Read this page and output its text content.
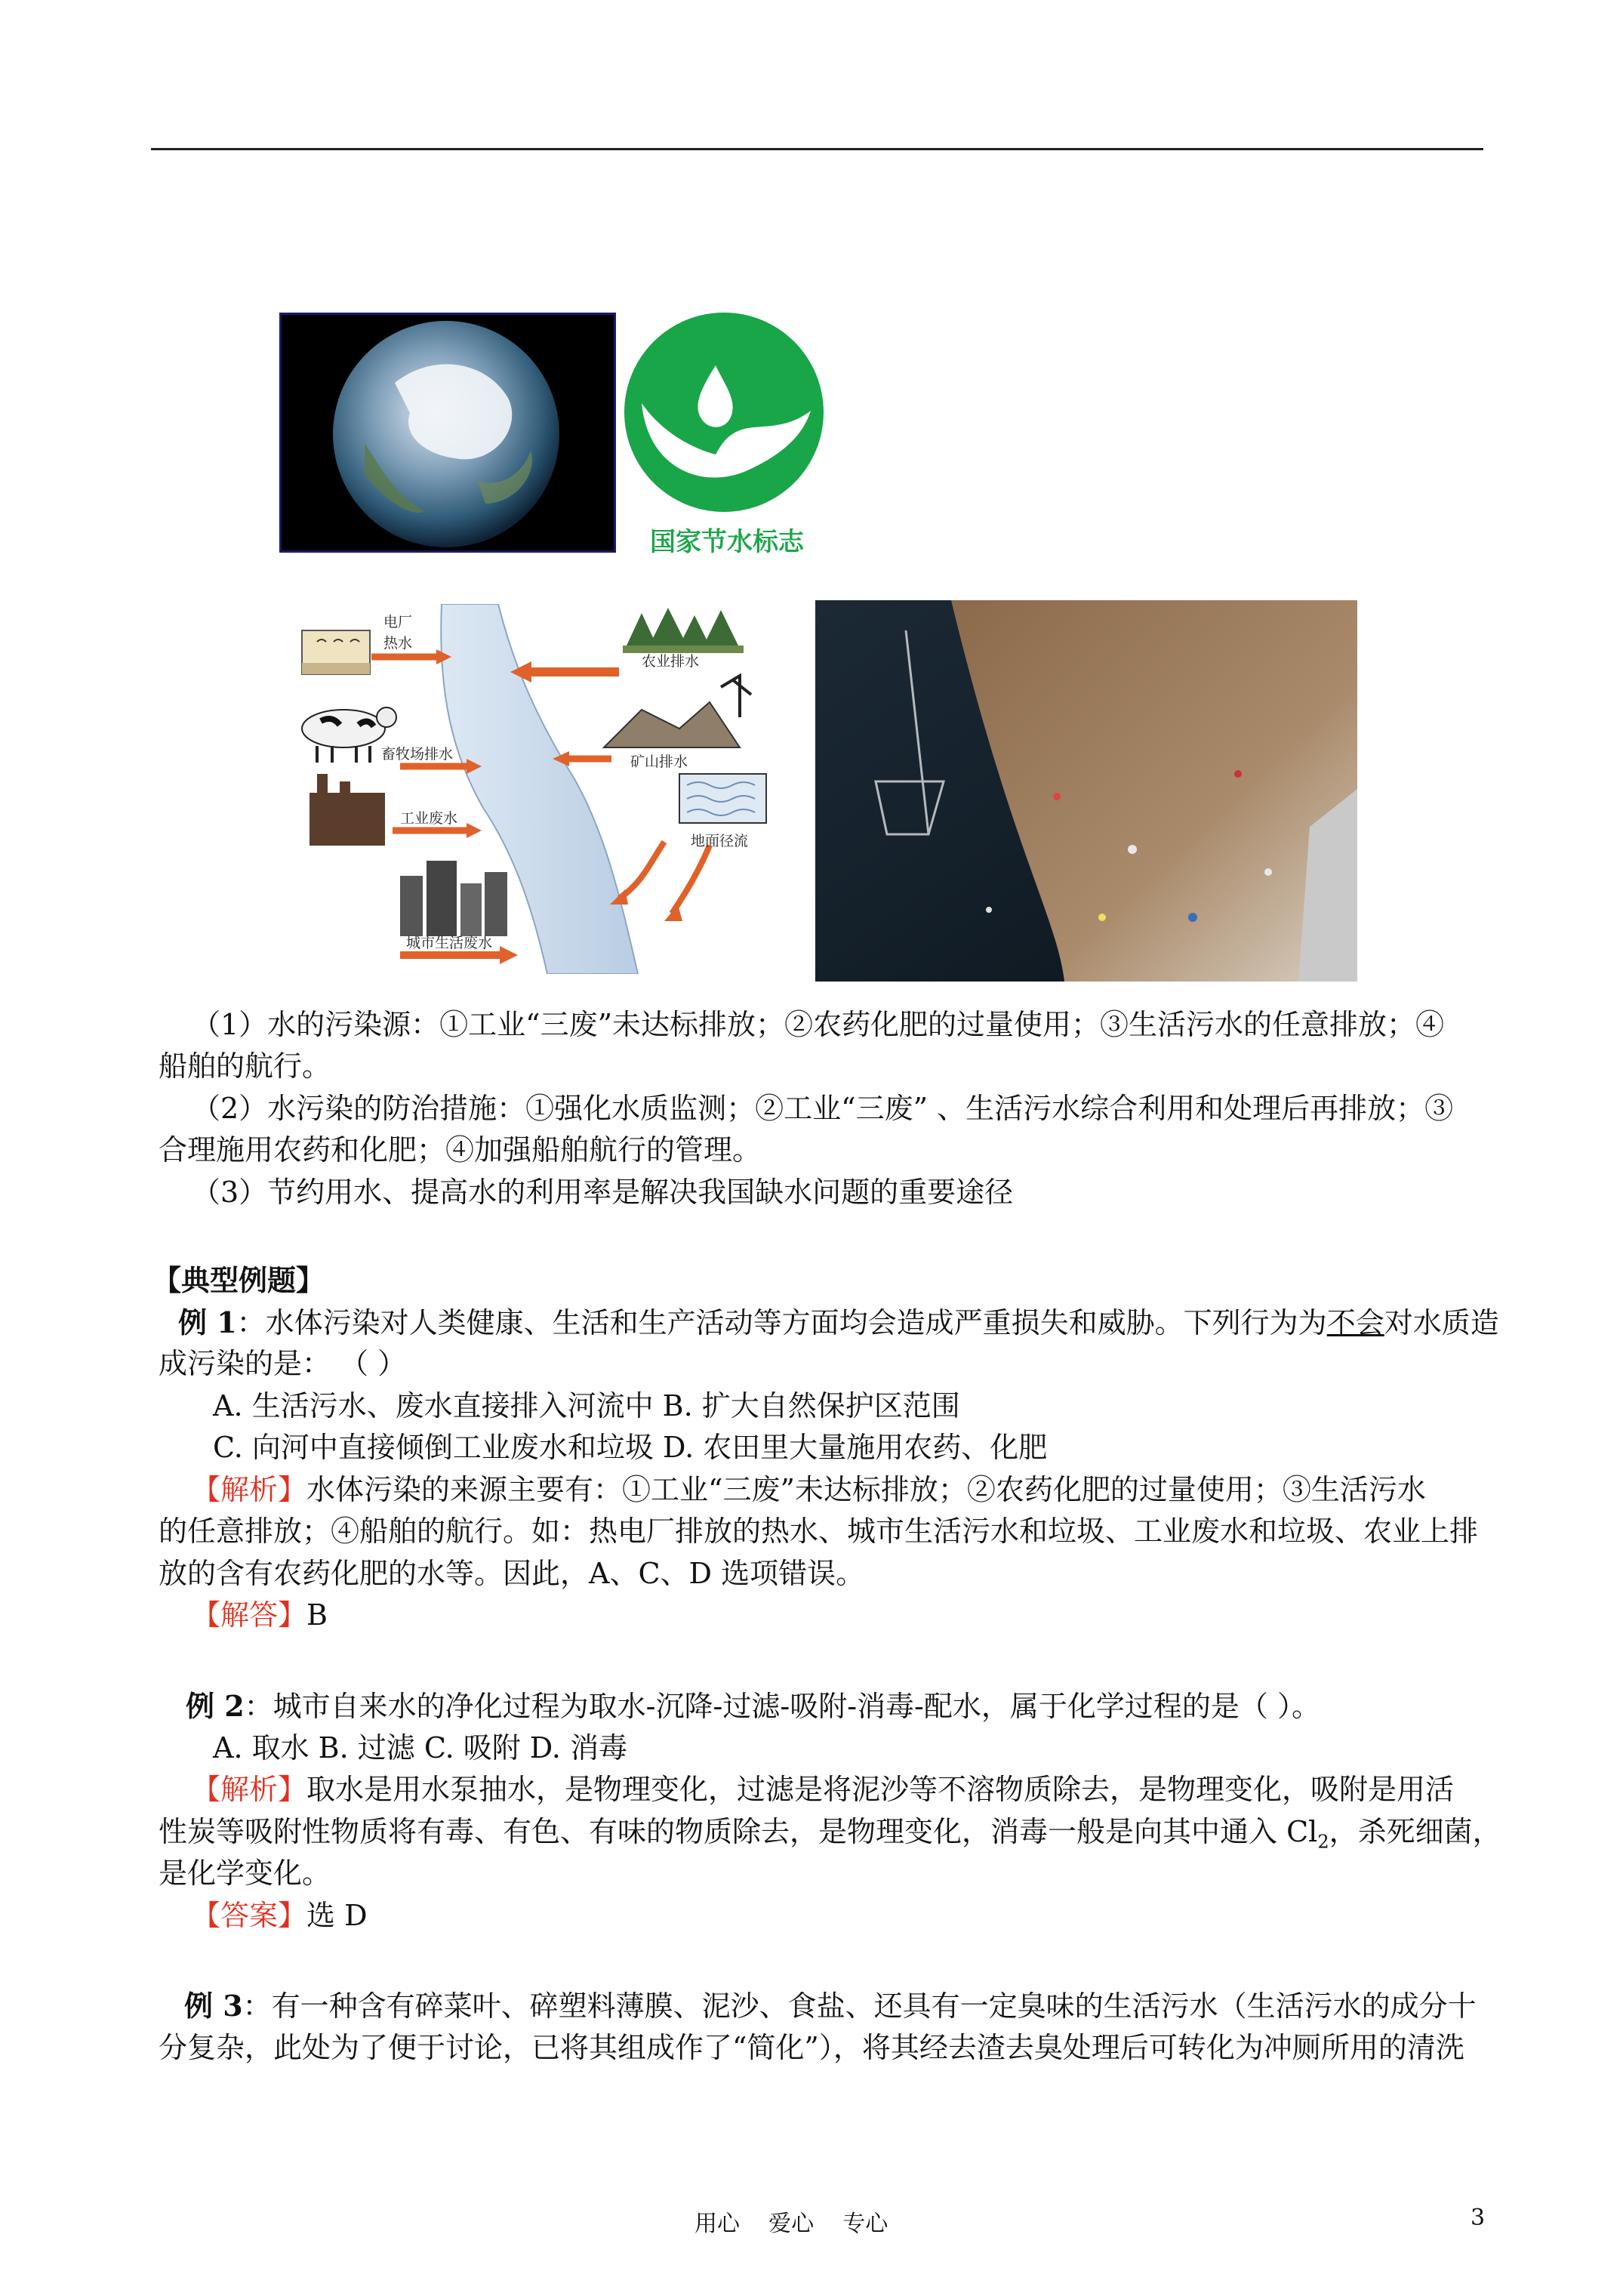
国家节水标志
电厂
热水
农业排水
畜牧场排水	矿山排水
工业废水
地面径流
城市生活废水
（1）水的污染源：①工业“三废”未达标排放；②农药化肥的过量使用；③生活污水的任意排放；④
船舶的航行。
（2）水污染的防治措施：①强化水质监测；②工业“三废” 、生活污水综合利用和处理后再排放；③
合理施用农药和化肥；④加强船舶航行的管理。
（3）节约用水、提高水的利用率是解决我国缺水问题的重要途径
【典型例题】
例 1：水体污染对人类健康、生活和生产活动等方面均会造成严重损失和威胁。下列行为为不会对水质造
成污染的是： （ ）
A. 生活污水、废水直接排入河流中 B. 扩大自然保护区范围
C. 向河中直接倾倒工业废水和垃圾 D. 农田里大量施用农药、化肥
【解析】水体污染的来源主要有：①工业“三废”未达标排放；②农药化肥的过量使用；③生活污水
的任意排放；④船舶的航行。如：热电厂排放的热水、城市生活污水和垃圾、工业废水和垃圾、农业上排
放的含有农药化肥的水等。因此，A、C、D 选项错误。
【解答】B
例 2：城市自来水的净化过程为取水-沉降-过滤-吸附-消毒-配水，属于化学过程的是（ ）。
A. 取水 B. 过滤 C. 吸附 D. 消毒
【解析】取水是用水泵抽水，是物理变化，过滤是将泥沙等不溶物质除去，是物理变化，吸附是用活
性炭等吸附性物质将有毒、有色、有味的物质除去，是物理变化，消毒一般是向其中通入 $Cl_2$，杀死细菌，
是化学变化。
【答案】选 D
例 3：有一种含有碎菜叶、碎塑料薄膜、泥沙、食盐、还具有一定臭味的生活污水（生活污水的成分十
分复杂，此处为了便于讨论，已将其组成作了“简化”），将其经去渣去臭处理后可转化为冲厕所用的清洗
用心    爱心    专心	3
